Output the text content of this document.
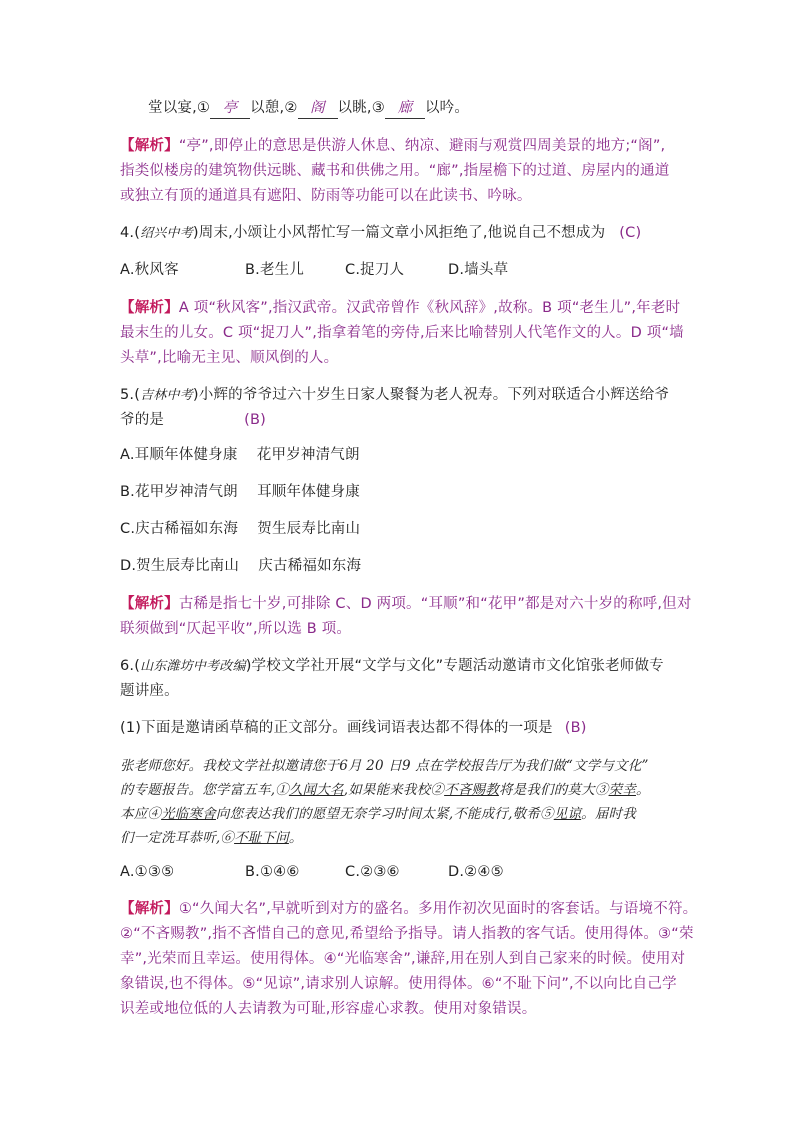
堂以宴,① 亭 以憩,② 阁 以眺,③ 廊 以吟。
【解析】“亭”,即停止的意思是供游人休息、纳凉、避雨与观赏四周美景的地方;“阁”,
指类似楼房的建筑物供远眺、藏书和供佛之用。“廊”,指屋檐下的过道、房屋内的通道
或独立有顶的通道具有遮阳、防雨等功能可以在此读书、吟咏。
4.(绍兴中考)周末,小颂让小风帮忙写一篇文章小风拒绝了,他说自己不想成为 (C)
A.秋风客	B.老生儿	C.捉刀人	D.墙头草
【解析】A 项“秋风客”,指汉武帝。汉武帝曾作《秋风辞》,故称。B 项“老生儿”,年老时
最末生的儿女。C 项“捉刀人”,指拿着笔的旁侍,后来比喻替别人代笔作文的人。D 项“墙
头草”,比喻无主见、顺风倒的人。
5.(吉林中考)小辉的爷爷过六十岁生日家人聚餐为老人祝寿。下列对联适合小辉送给爷
爷的是	(B)
A.耳顺年体健身康    花甲岁神清气朗
B.花甲岁神清气朗    耳顺年体健身康
C.庆古稀福如东海    贺生辰寿比南山
D.贺生辰寿比南山    庆古稀福如东海
【解析】古稀是指七十岁,可排除 C、D 两项。“耳顺”和“花甲”都是对六十岁的称呼,但对
联须做到“仄起平收”,所以选 B 项。
6.(山东潍坊中考改编)学校文学社开展“文学与文化”专题活动邀请市文化馆张老师做专
题讲座。
(1)下面是邀请函草稿的正文部分。画线词语表达都不得体的一项是 (B)
张老师您好。我校文学社拟邀请您于6月 20 日9 点在学校报告厅为我们做“文学与文化”
的专题报告。您学富五车,①久闻大名,如果能来我校②不吝赐教将是我们的莫大③荣幸。
本应④光临寒舍向您表达我们的愿望无奈学习时间太紧,不能成行,敬希⑤见谅。届时我
们一定洗耳恭听,⑥不耻下问。
A.①③⑤	B.①④⑥	C.②③⑥	D.②④⑤
【解析】①“久闻大名”,早就听到对方的盛名。多用作初次见面时的客套话。与语境不符。
②“不吝赐教”,指不吝惜自己的意见,希望给予指导。请人指教的客气话。使用得体。③“荣
幸”,光荣而且幸运。使用得体。④“光临寒舍”,谦辞,用在别人到自己家来的时候。使用对
象错误,也不得体。⑤“见谅”,请求别人谅解。使用得体。⑥“不耻下问”,不以向比自己学
识差或地位低的人去请教为可耻,形容虚心求教。使用对象错误。
